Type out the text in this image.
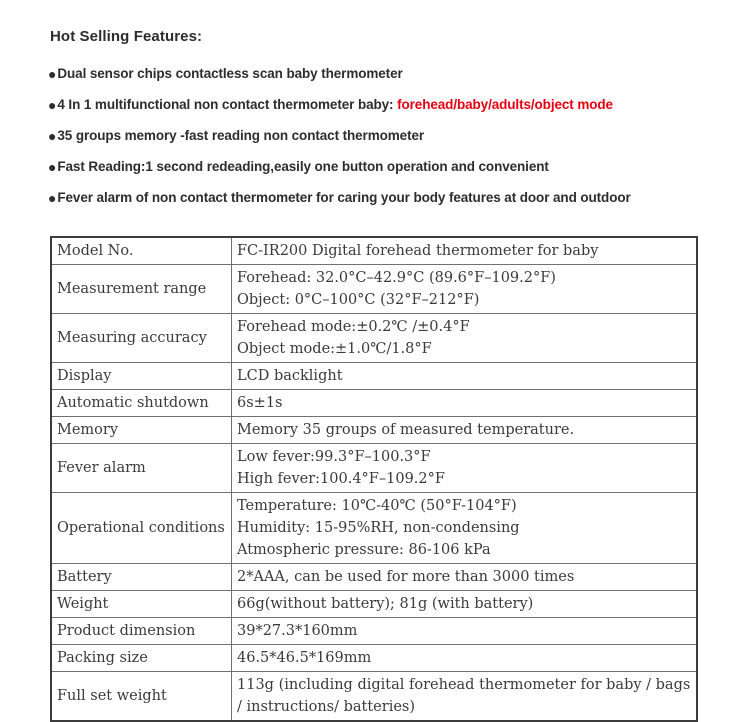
Hot Selling Features:
●Dual sensor chips contactless scan baby thermometer
●4 In 1 multifunctional non contact thermometer baby: forehead/baby/adults/object mode
●35 groups memory -fast reading non contact thermometer
●Fast Reading:1 second redeading,easily one button operation and convenient
●Fever alarm of non contact thermometer for caring your body features at door and outdoor
Model No.	FC-IR200 Digital forehead thermometer for baby

Measurement range	Forehead: 32.0°C–42.9°C (89.6°F–109.2°F)
Object: 0°C–100°C (32°F–212°F)

Measuring accuracy	Forehead mode:±0.2℃ /±0.4°F
Object mode:±1.0℃/1.8°F

Display	LCD backlight

Automatic shutdown	6s±1s

Memory	Memory 35 groups of measured temperature.

Fever alarm	Low fever:99.3°F–100.3°F
High fever:100.4°F–109.2°F

Operational conditions	Temperature: 10℃-40℃ (50°F-104°F)
Humidity: 15-95%RH, non-condensing
Atmospheric pressure: 86-106 kPa

Battery	2*AAA, can be used for more than 3000 times

Weight	66g(without battery); 81g (with battery)

Product dimension	39*27.3*160mm

Packing size	46.5*46.5*169mm

Full set weight	113g (including digital forehead thermometer for baby / bags / instructions/ batteries)
